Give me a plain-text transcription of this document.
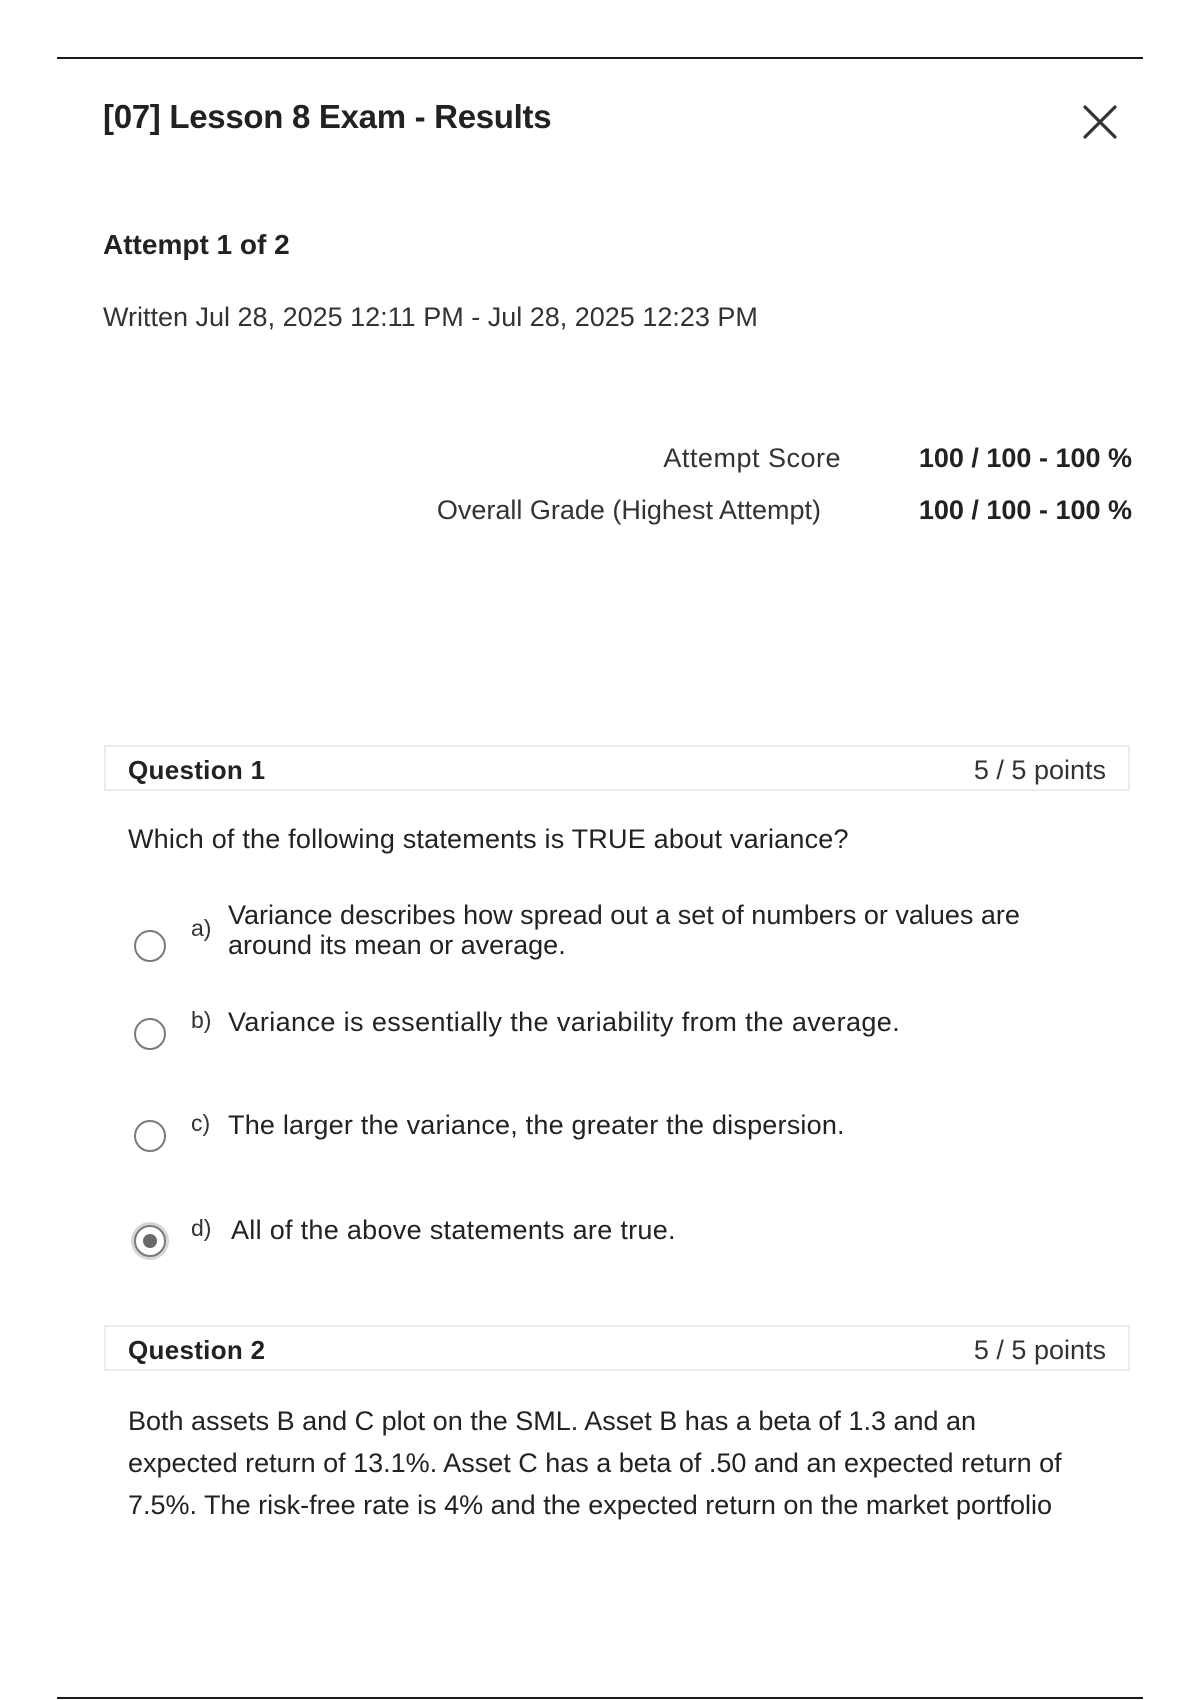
[07] Lesson 8 Exam - Results
Attempt 1 of 2
Written Jul 28, 2025 12:11 PM - Jul 28, 2025 12:23 PM
Attempt Score	100 / 100 - 100 %
Overall Grade (Highest Attempt)	100 / 100 - 100 %
Question 1	5 / 5 points
Which of the following statements is TRUE about variance?
a) Variance describes how spread out a set of numbers or values are around its mean or average.
b) Variance is essentially the variability from the average.
c) The larger the variance, the greater the dispersion.
d) All of the above statements are true.
Question 2	5 / 5 points
Both assets B and C plot on the SML. Asset B has a beta of 1.3 and an
expected return of 13.1%. Asset C has a beta of .50 and an expected return of
7.5%. The risk-free rate is 4% and the expected return on the market portfolio
